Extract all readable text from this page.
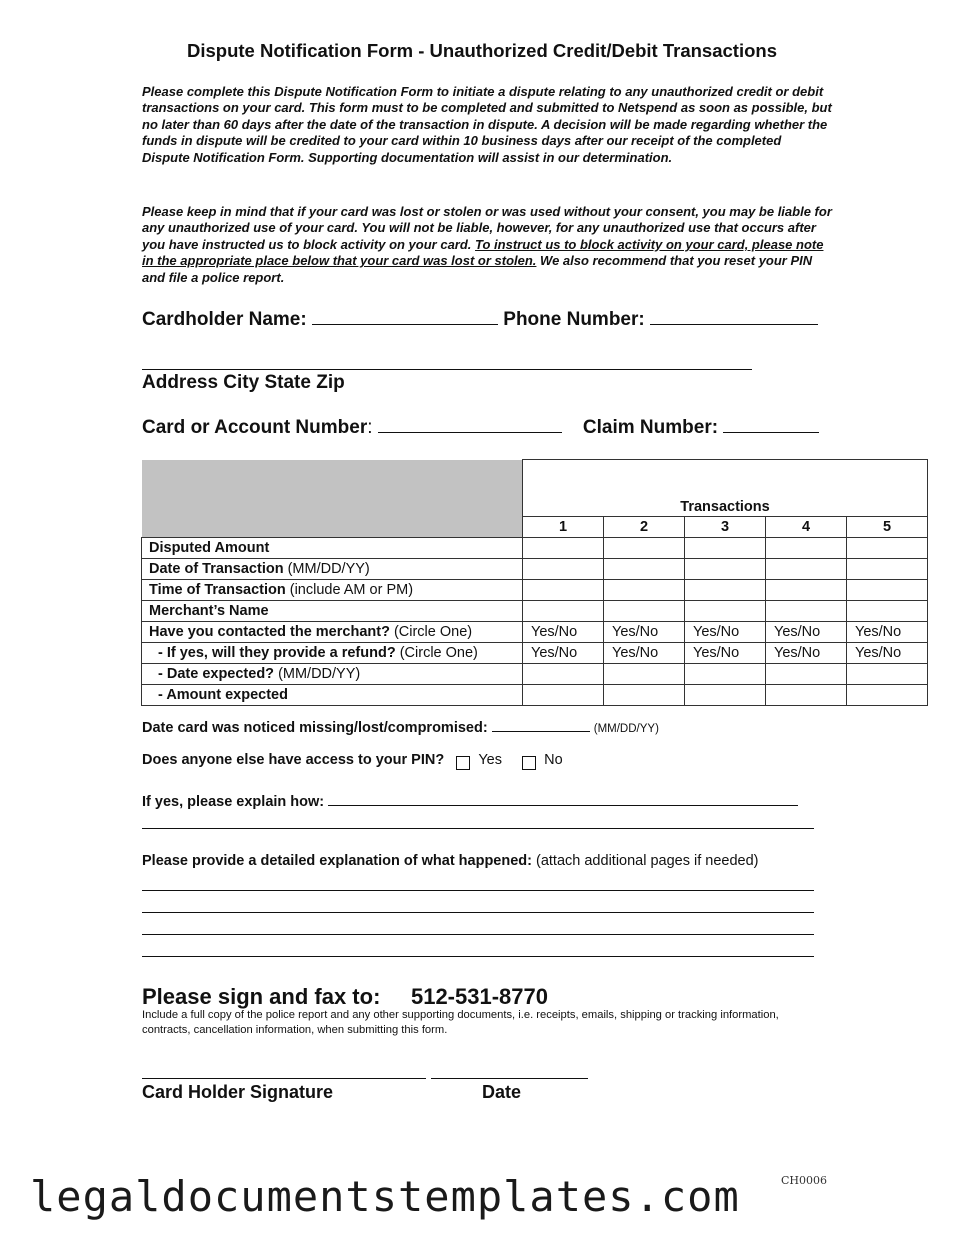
Dispute Notification Form - Unauthorized Credit/Debit Transactions
Please complete this Dispute Notification Form to initiate a dispute relating to any unauthorized credit or debit transactions on your card. This form must to be completed and submitted to Netspend as soon as possible, but no later than 60 days after the date of the transaction in dispute. A decision will be made regarding whether the funds in dispute will be credited to your card within 10 business days after our receipt of the completed Dispute Notification Form. Supporting documentation will assist in our determination.
Please keep in mind that if your card was lost or stolen or was used without your consent, you may be liable for any unauthorized use of your card. You will not be liable, however, for any unauthorized use that occurs after you have instructed us to block activity on your card. To instruct us to block activity on your card, please note in the appropriate place below that your card was lost or stolen. We also recommend that you reset your PIN and file a police report.
Cardholder Name:	Phone Number:
Address City State Zip
Card or Account Number:	Claim Number:
	Transactions				
	1	2	3	4	5
Disputed Amount					
Date of Transaction (MM/DD/YY)					
Time of Transaction (include AM or PM)					
Merchant’s Name					
Have you contacted the merchant? (Circle One)	Yes/No	Yes/No	Yes/No	Yes/No	Yes/No
- If yes, will they provide a refund? (Circle One)	Yes/No	Yes/No	Yes/No	Yes/No	Yes/No
- Date expected? (MM/DD/YY)					
- Amount expected					
Date card was noticed missing/lost/compromised:	(MM/DD/YY)
Does anyone else have access to your PIN? Yes	No
If yes, please explain how:
Please provide a detailed explanation of what happened: (attach additional pages if needed)
Please sign and fax to: 512-531-8770
Include a full copy of the police report and any other supporting documents, i.e. receipts, emails, shipping or tracking information, contracts, cancellation information, when submitting this form.
Card Holder Signature	Date
CH0006
legaldocumentstemplates.com
